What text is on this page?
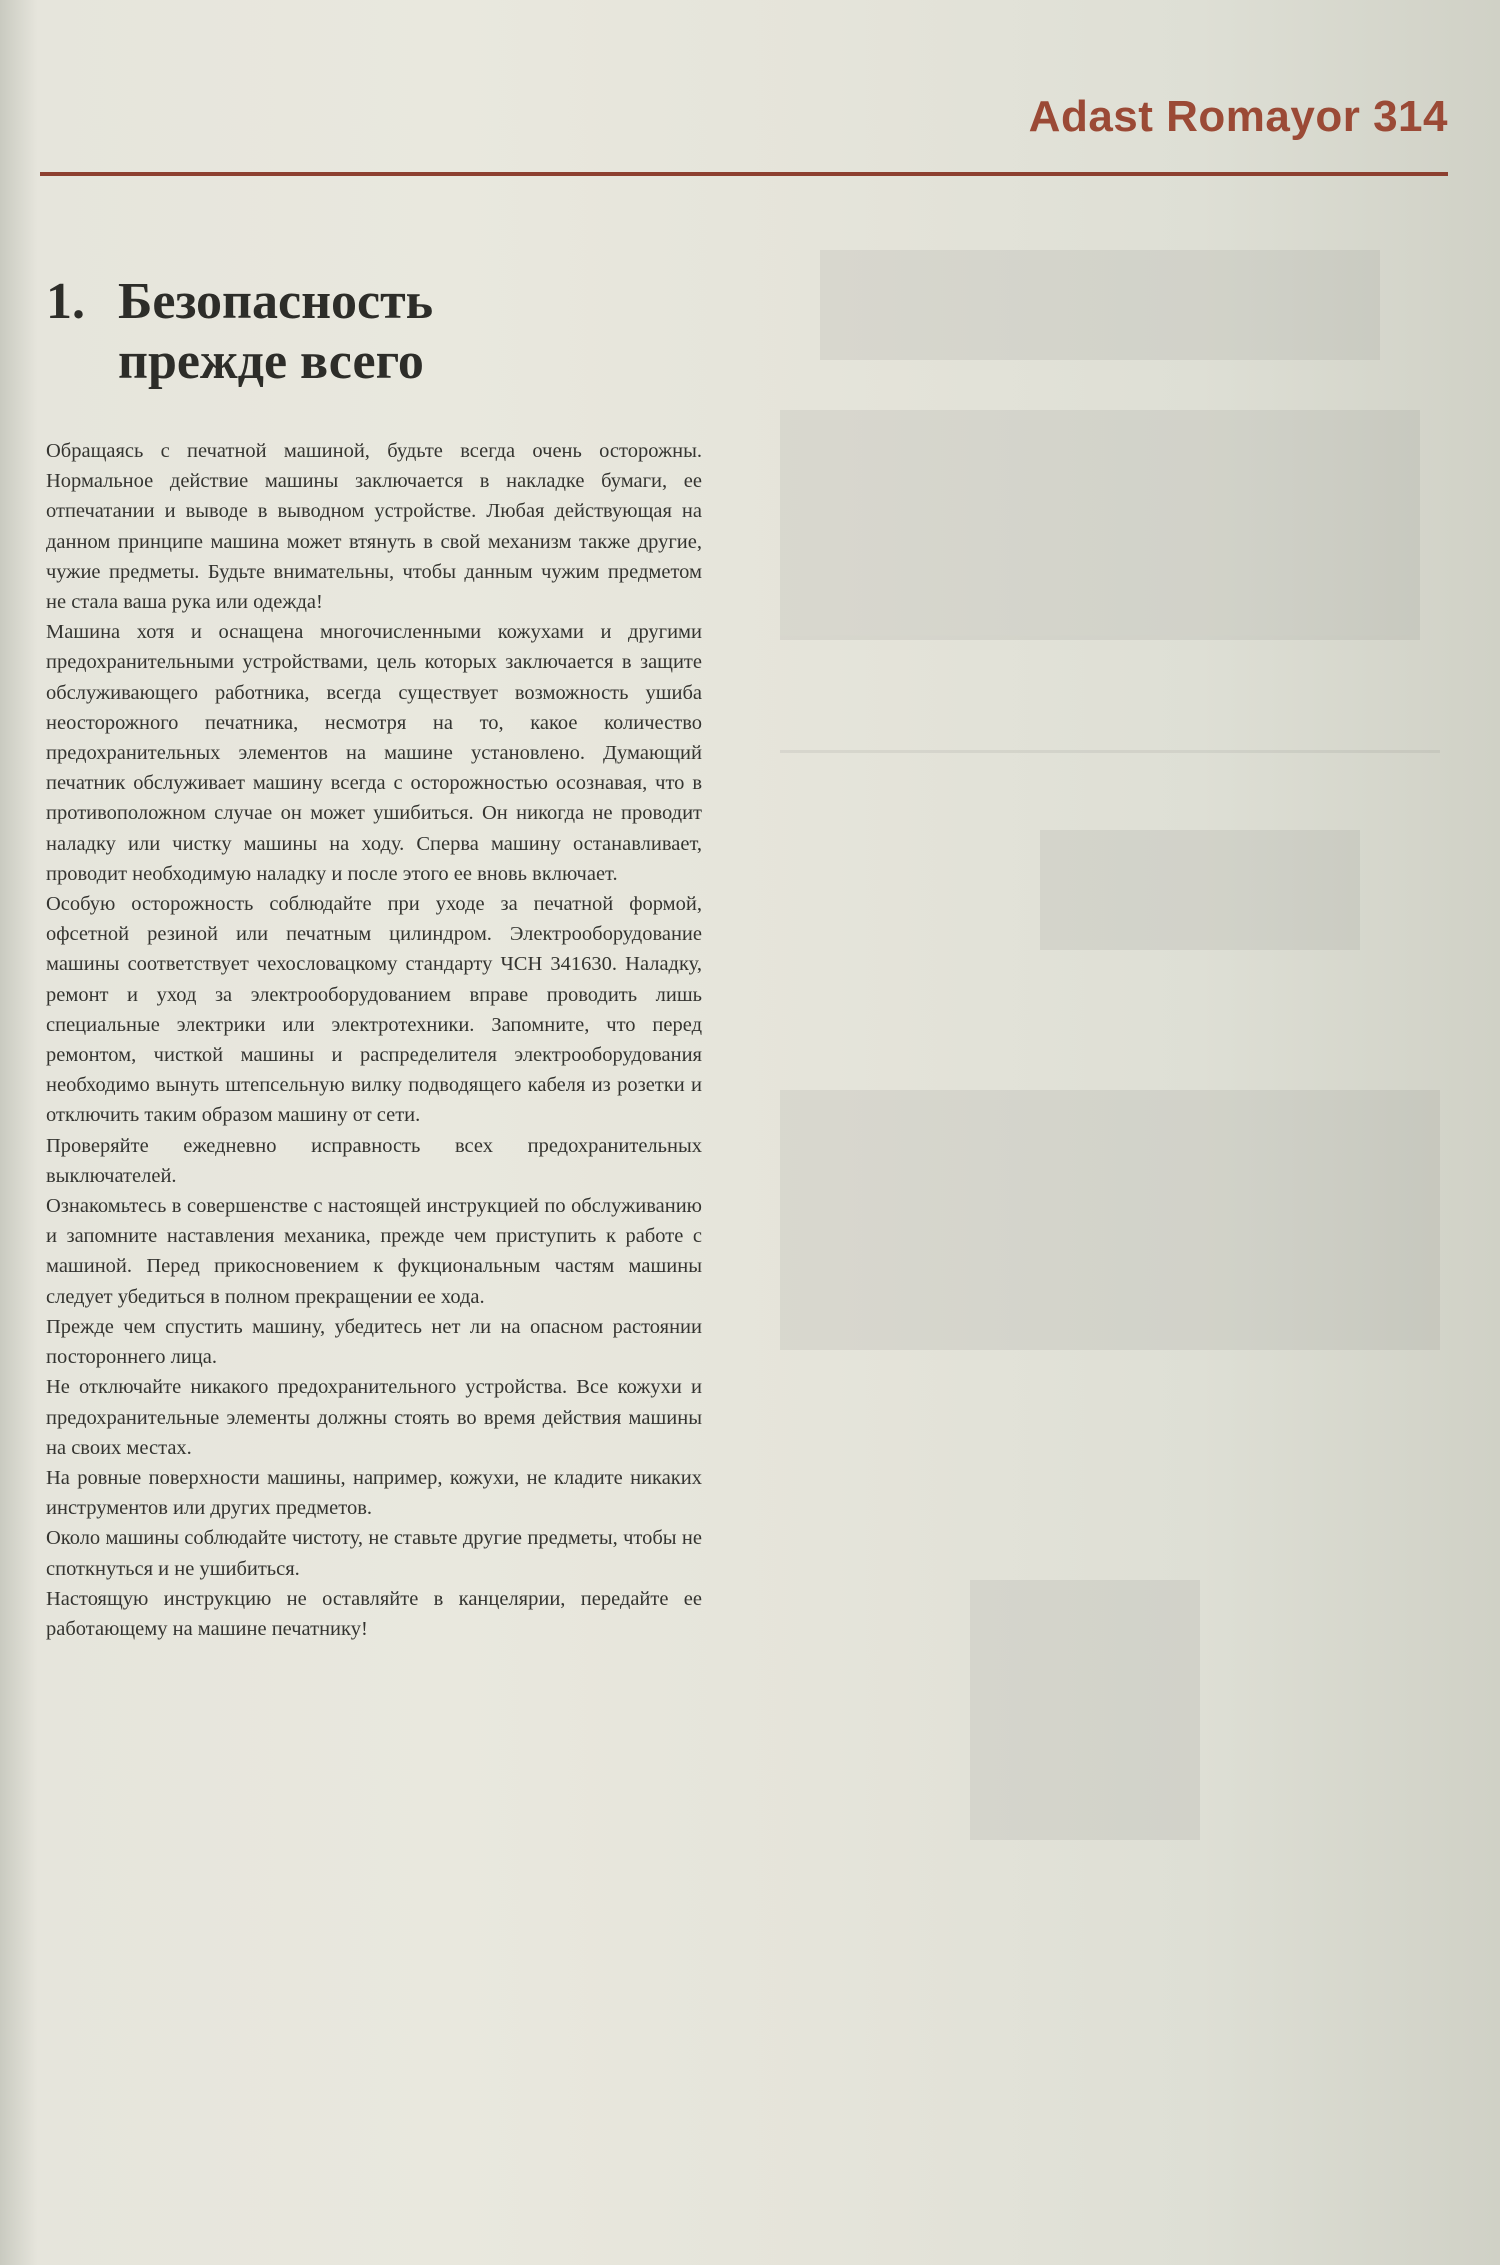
Adast Romayor 314
1. Безопасность
прежде всего

Обращаясь с печатной машиной, будьте всегда очень осторожны. Нормальное действие машины заключается в накладке бумаги, ее отпечатании и выводе в выводном устройстве. Любая действующая на данном принципе машина может втянуть в свой механизм также другие, чужие предметы. Будьте внимательны, чтобы данным чужим предметом не стала ваша рука или одежда!

Машина хотя и оснащена многочисленными кожухами и другими предохранительными устройствами, цель которых заключается в защите обслуживающего работника, всегда существует возможность ушиба неосторожного печатника, несмотря на то, какое количество предохранительных элементов на машине установлено. Думающий печатник обслуживает машину всегда с осторожностью осознавая, что в противоположном случае он может ушибиться. Он никогда не проводит наладку или чистку машины на ходу. Сперва машину останавливает, проводит необходимую наладку и после этого ее вновь включает.

Особую осторожность соблюдайте при уходе за печатной формой, офсетной резиной или печатным цилиндром. Электрооборудование машины соответствует чехословацкому стандарту ЧСН 341630. Наладку, ремонт и уход за электрооборудованием вправе проводить лишь специальные электрики или электротехники. Запомните, что перед ремонтом, чисткой машины и распределителя электрооборудования необходимо вынуть штепсельную вилку подводящего кабеля из розетки и отключить таким образом машину от сети.

Проверяйте ежедневно исправность всех предохранительных выключателей.

Ознакомьтесь в совершенстве с настоящей инструкцией по обслуживанию и запомните наставления механика, прежде чем приступить к работе с машиной. Перед прикосновением к фукциональным частям машины следует убедиться в полном прекращении ее хода.

Прежде чем спустить машину, убедитесь нет ли на опасном растоянии постороннего лица.

Не отключайте никакого предохранительного устройства. Все кожухи и предохранительные элементы должны стоять во время действия машины на своих местах.

На ровные поверхности машины, например, кожухи, не кладите никаких инструментов или других предметов.

Около машины соблюдайте чистоту, не ставьте другие предметы, чтобы не споткнуться и не ушибиться.

Настоящую инструкцию не оставляйте в канцелярии, передайте ее работающему на машине печатнику!
